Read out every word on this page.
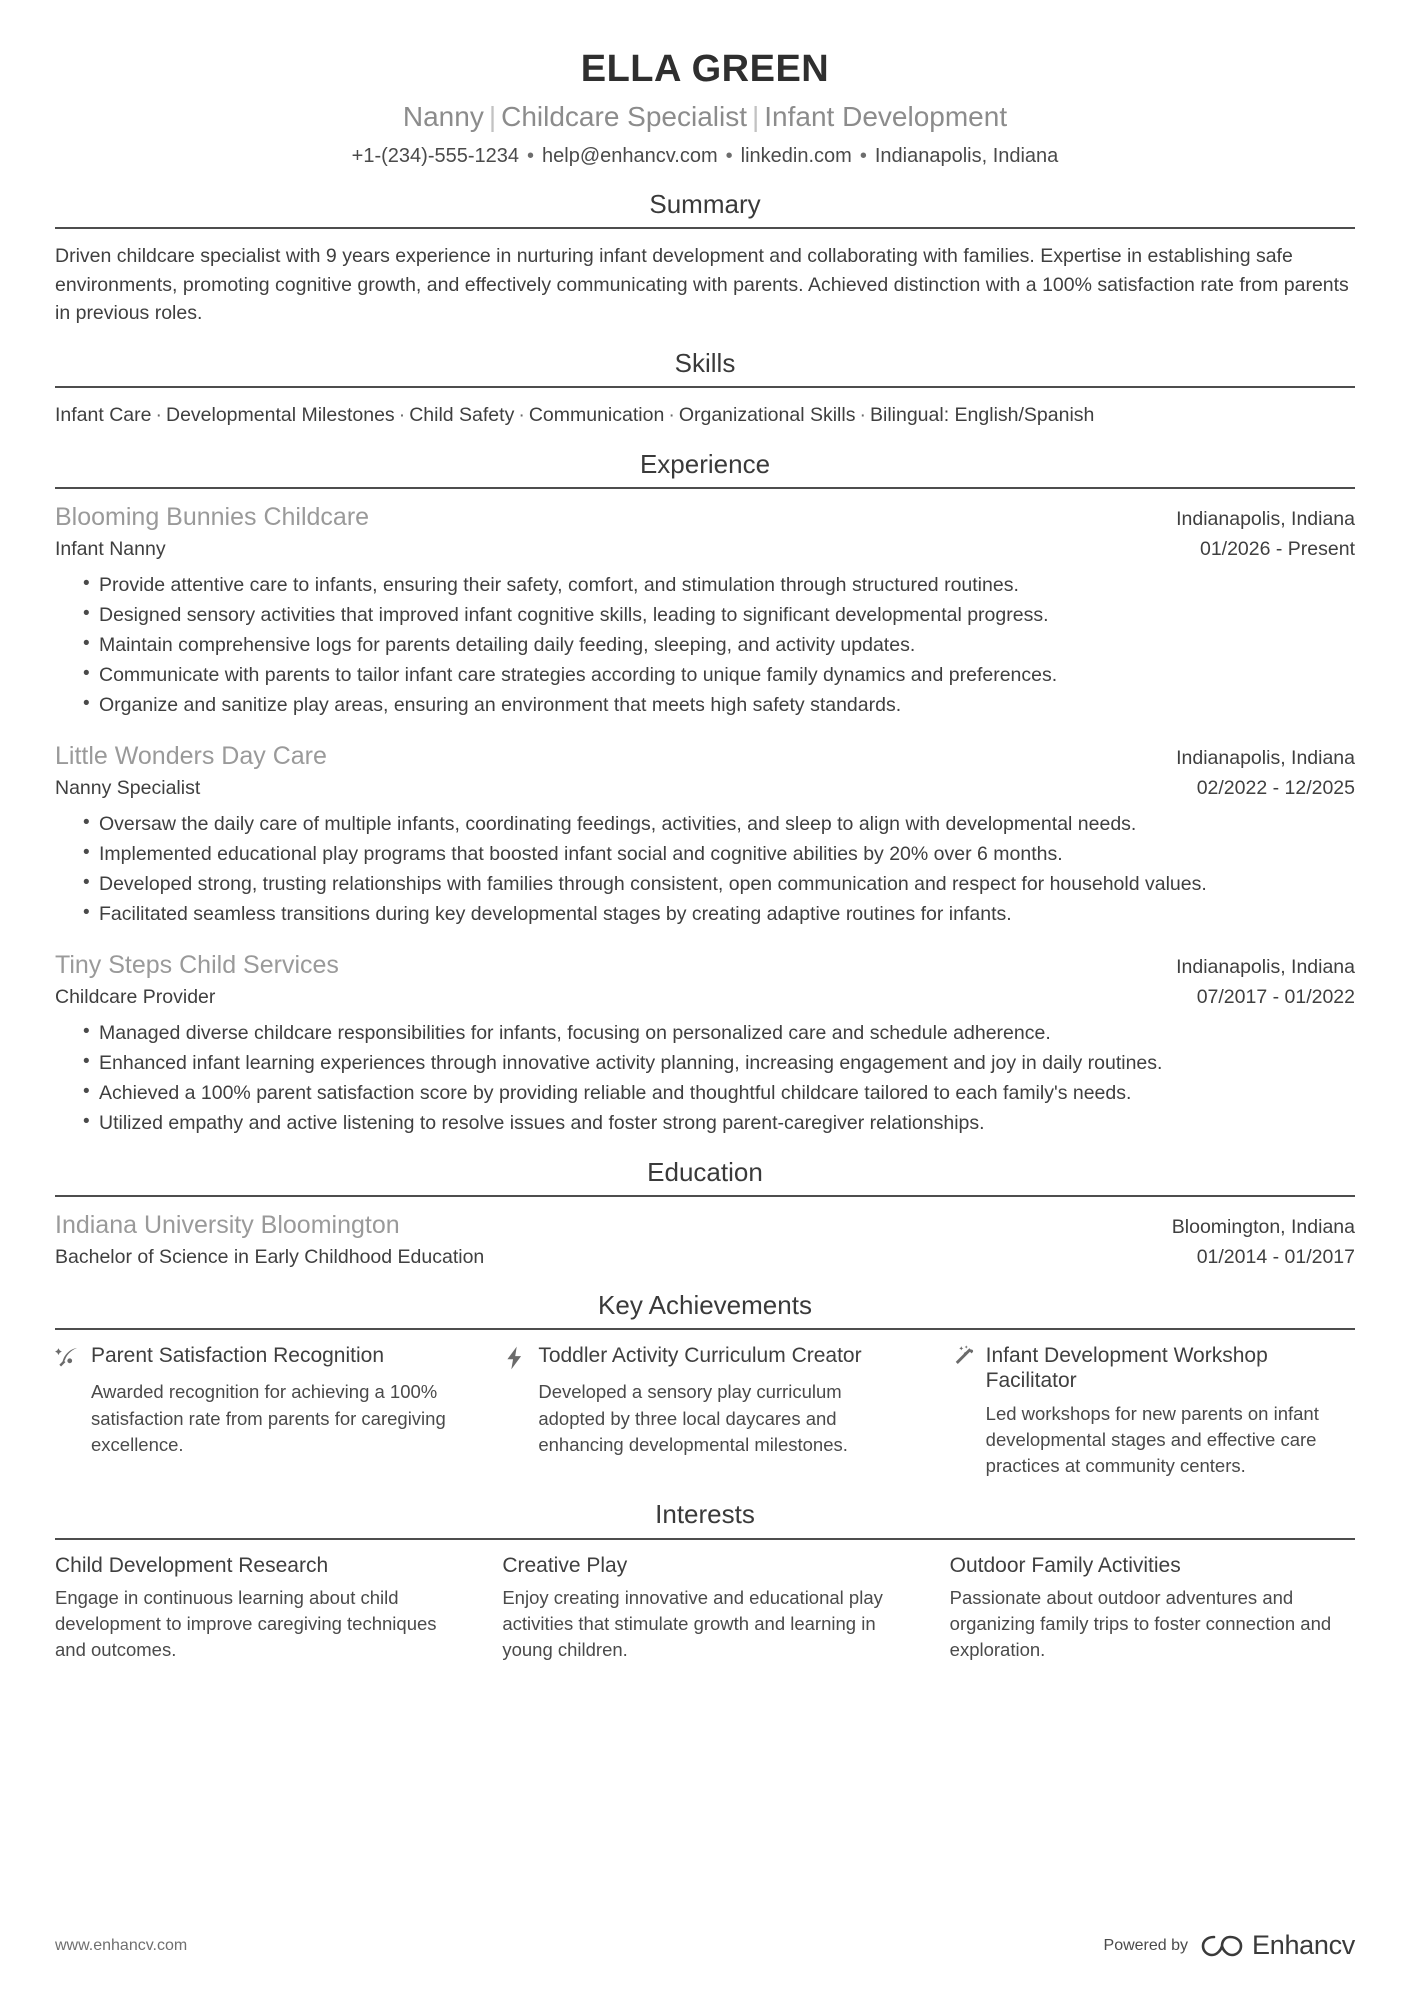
ELLA GREEN
Nanny | Childcare Specialist | Infant Development
+1-(234)-555-1234 • help@enhancv.com • linkedin.com • Indianapolis, Indiana
Summary
Driven childcare specialist with 9 years experience in nurturing infant development and collaborating with families. Expertise in establishing safe environments, promoting cognitive growth, and effectively communicating with parents. Achieved distinction with a 100% satisfaction rate from parents in previous roles.
Skills
Infant Care · Developmental Milestones · Child Safety · Communication · Organizational Skills · Bilingual: English/Spanish
Experience
Blooming Bunnies Childcare	Indianapolis, Indiana
Infant Nanny	01/2026 - Present
• Provide attentive care to infants, ensuring their safety, comfort, and stimulation through structured routines.
• Designed sensory activities that improved infant cognitive skills, leading to significant developmental progress.
• Maintain comprehensive logs for parents detailing daily feeding, sleeping, and activity updates.
• Communicate with parents to tailor infant care strategies according to unique family dynamics and preferences.
• Organize and sanitize play areas, ensuring an environment that meets high safety standards.
Little Wonders Day Care	Indianapolis, Indiana
Nanny Specialist	02/2022 - 12/2025
• Oversaw the daily care of multiple infants, coordinating feedings, activities, and sleep to align with developmental needs.
• Implemented educational play programs that boosted infant social and cognitive abilities by 20% over 6 months.
• Developed strong, trusting relationships with families through consistent, open communication and respect for household values.
• Facilitated seamless transitions during key developmental stages by creating adaptive routines for infants.
Tiny Steps Child Services	Indianapolis, Indiana
Childcare Provider	07/2017 - 01/2022
• Managed diverse childcare responsibilities for infants, focusing on personalized care and schedule adherence.
• Enhanced infant learning experiences through innovative activity planning, increasing engagement and joy in daily routines.
• Achieved a 100% parent satisfaction score by providing reliable and thoughtful childcare tailored to each family's needs.
• Utilized empathy and active listening to resolve issues and foster strong parent-caregiver relationships.
Education
Indiana University Bloomington	Bloomington, Indiana
Bachelor of Science in Early Childhood Education	01/2014 - 01/2017
Key Achievements
Parent Satisfaction Recognition
Awarded recognition for achieving a 100% satisfaction rate from parents for caregiving excellence.
Toddler Activity Curriculum Creator
Developed a sensory play curriculum adopted by three local daycares and enhancing developmental milestones.
Infant Development Workshop Facilitator
Led workshops for new parents on infant developmental stages and effective care practices at community centers.
Interests
Child Development Research
Engage in continuous learning about child development to improve caregiving techniques and outcomes.
Creative Play
Enjoy creating innovative and educational play activities that stimulate growth and learning in young children.
Outdoor Family Activities
Passionate about outdoor adventures and organizing family trips to foster connection and exploration.
www.enhancv.com	Powered by Enhancv
